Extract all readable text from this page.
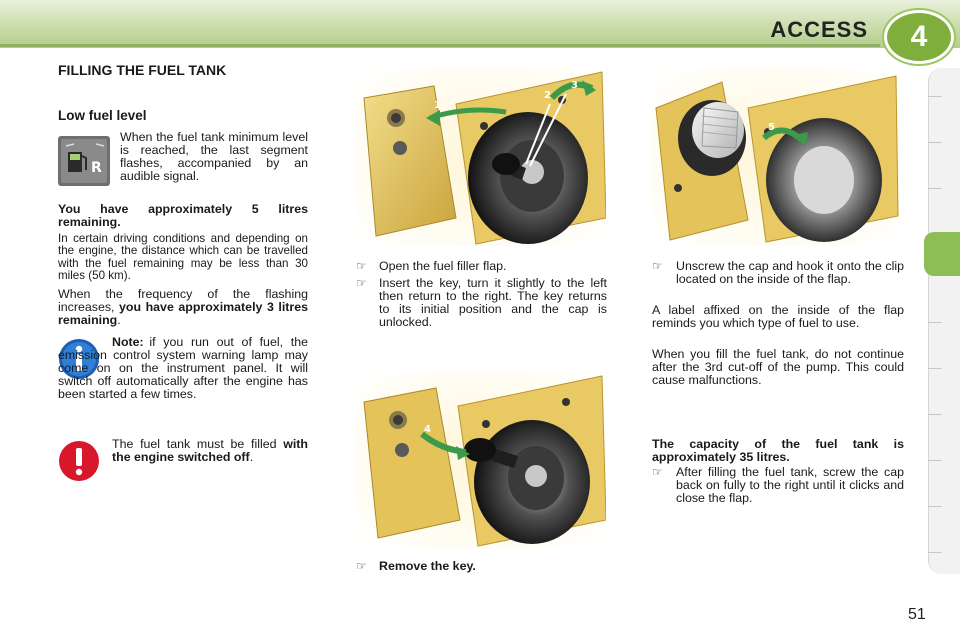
ACCESS	4
FILLING THE FUEL TANK
Low fuel level
R
When the fuel tank minimum level is reached, the last segment flashes, accompanied by an audible signal.
You have approximately 5 litres remaining.
In certain driving conditions and depending on the engine, the distance which can be travelled with the fuel remaining may be less than 30 miles (50 km).
When the frequency of the flashing increases, you have approximately 3 litres remaining.
Note: if you run out of fuel, the emission control system warning lamp may come on on the instrument panel. It will switch off automatically after the engine has been started a few times.
The fuel tank must be filled with the engine switched off.
1
2
3
5
☞ Open the fuel filler flap.
☞ Insert the key, turn it slightly to the left then return to the right. The key returns to its initial position and the cap is unlocked.
4
☞ Remove the key.
☞ Unscrew the cap and hook it onto the clip located on the inside of the flap.
A label affixed on the inside of the flap reminds you which type of fuel to use.
When you fill the fuel tank, do not continue after the 3rd cut-off of the pump. This could cause malfunctions.
The capacity of the fuel tank is approximately 35 litres.
☞ After filling the fuel tank, screw the cap back on fully to the right until it clicks and close the flap.
51
